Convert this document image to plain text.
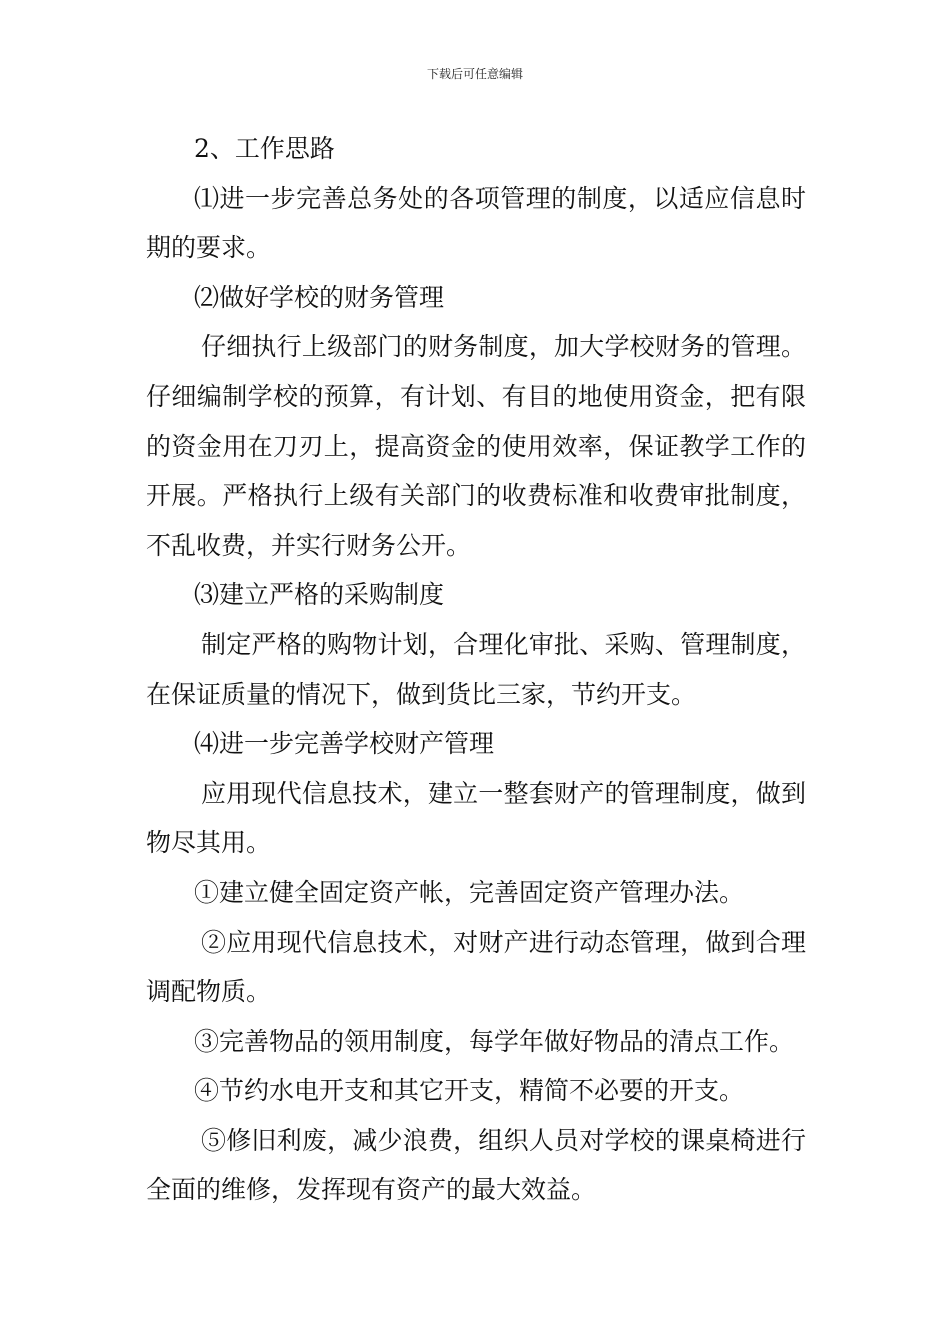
下载后可任意编辑

2、工作思路

⑴进一步完善总务处的各项管理的制度，以适应信息时期的要求。

⑵做好学校的财务管理

仔细执行上级部门的财务制度，加大学校财务的管理。仔细编制学校的预算，有计划、有目的地使用资金，把有限的资金用在刀刃上，提高资金的使用效率，保证教学工作的开展。严格执行上级有关部门的收费标准和收费审批制度，不乱收费，并实行财务公开。

⑶建立严格的采购制度

制定严格的购物计划，合理化审批、采购、管理制度，在保证质量的情况下，做到货比三家，节约开支。

⑷进一步完善学校财产管理

应用现代信息技术，建立一整套财产的管理制度，做到物尽其用。

①建立健全固定资产帐，完善固定资产管理办法。

②应用现代信息技术，对财产进行动态管理，做到合理调配物质。

③完善物品的领用制度，每学年做好物品的清点工作。

④节约水电开支和其它开支，精简不必要的开支。

⑤修旧利废，减少浪费，组织人员对学校的课桌椅进行全面的维修，发挥现有资产的最大效益。
